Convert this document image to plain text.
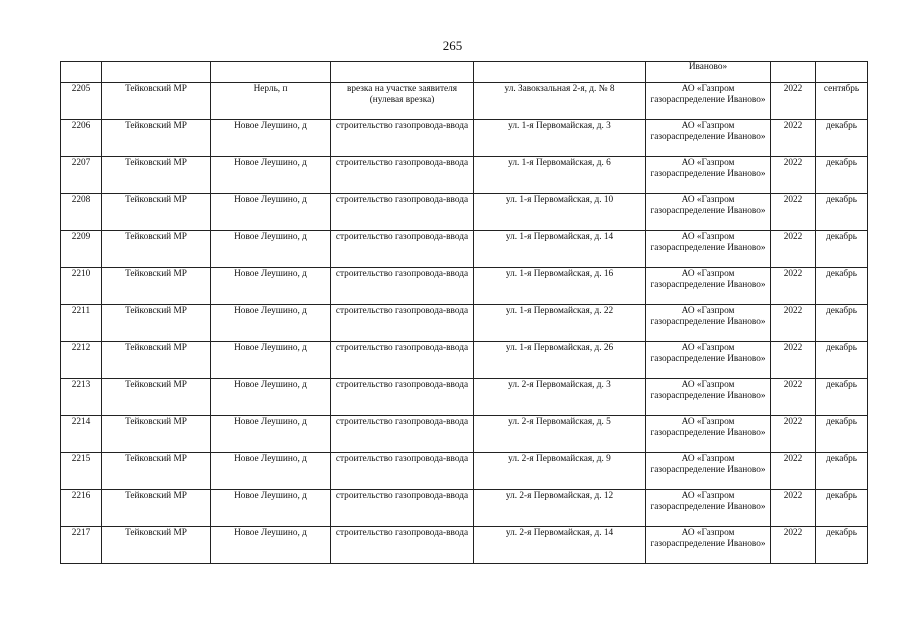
265
					Иваново»		
2205	Тейковский МР	Нерль, п	врезка на участке заявителя (нулевая врезка)	ул. Завокзальная 2-я, д. № 8	АО «Газпром газораспределение Иваново»	2022	сентябрь
2206	Тейковский МР	Новое Леушино, д	строительство газопровода-ввода	ул. 1-я Первомайская, д. 3	АО «Газпром газораспределение Иваново»	2022	декабрь
2207	Тейковский МР	Новое Леушино, д	строительство газопровода-ввода	ул. 1-я Первомайская, д. 6	АО «Газпром газораспределение Иваново»	2022	декабрь
2208	Тейковский МР	Новое Леушино, д	строительство газопровода-ввода	ул. 1-я Первомайская, д. 10	АО «Газпром газораспределение Иваново»	2022	декабрь
2209	Тейковский МР	Новое Леушино, д	строительство газопровода-ввода	ул. 1-я Первомайская, д. 14	АО «Газпром газораспределение Иваново»	2022	декабрь
2210	Тейковский МР	Новое Леушино, д	строительство газопровода-ввода	ул. 1-я Первомайская, д. 16	АО «Газпром газораспределение Иваново»	2022	декабрь
2211	Тейковский МР	Новое Леушино, д	строительство газопровода-ввода	ул. 1-я Первомайская, д. 22	АО «Газпром газораспределение Иваново»	2022	декабрь
2212	Тейковский МР	Новое Леушино, д	строительство газопровода-ввода	ул. 1-я Первомайская, д. 26	АО «Газпром газораспределение Иваново»	2022	декабрь
2213	Тейковский МР	Новое Леушино, д	строительство газопровода-ввода	ул. 2-я Первомайская, д. 3	АО «Газпром газораспределение Иваново»	2022	декабрь
2214	Тейковский МР	Новое Леушино, д	строительство газопровода-ввода	ул. 2-я Первомайская, д. 5	АО «Газпром газораспределение Иваново»	2022	декабрь
2215	Тейковский МР	Новое Леушино, д	строительство газопровода-ввода	ул. 2-я Первомайская, д. 9	АО «Газпром газораспределение Иваново»	2022	декабрь
2216	Тейковский МР	Новое Леушино, д	строительство газопровода-ввода	ул. 2-я Первомайская, д. 12	АО «Газпром газораспределение Иваново»	2022	декабрь
2217	Тейковский МР	Новое Леушино, д	строительство газопровода-ввода	ул. 2-я Первомайская, д. 14	АО «Газпром газораспределение Иваново»	2022	декабрь
